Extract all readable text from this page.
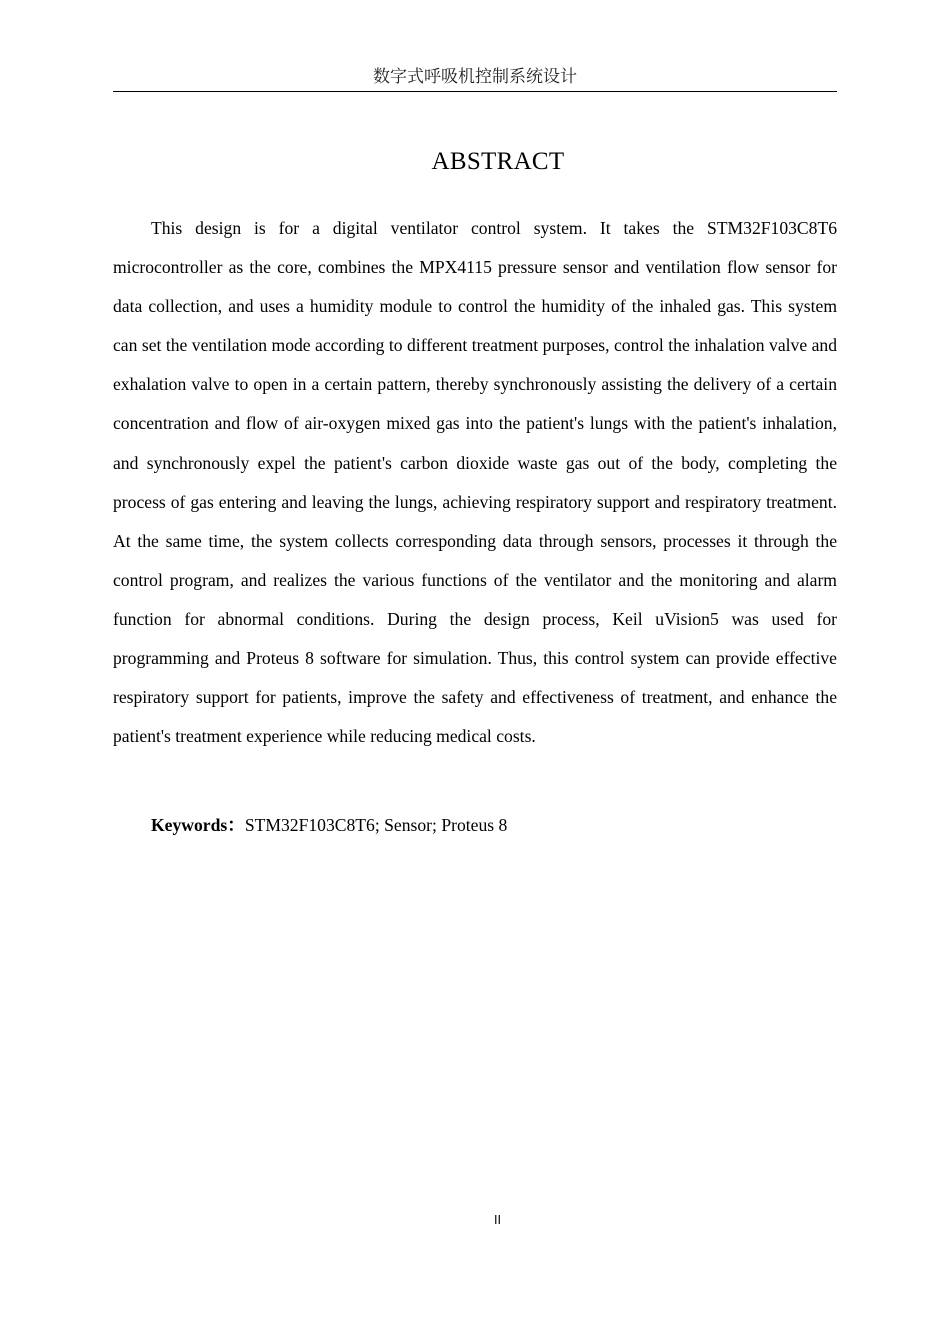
数字式呼吸机控制系统设计
ABSTRACT

This design is for a digital ventilator control system. It takes the STM32F103C8T6 microcontroller as the core, combines the MPX4115 pressure sensor and ventilation flow sensor for data collection, and uses a humidity module to control the humidity of the inhaled gas. This system can set the ventilation mode according to different treatment purposes, control the inhalation valve and exhalation valve to open in a certain pattern, thereby synchronously assisting the delivery of a certain concentration and flow of air-oxygen mixed gas into the patient's lungs with the patient's inhalation, and synchronously expel the patient's carbon dioxide waste gas out of the body, completing the process of gas entering and leaving the lungs, achieving respiratory support and respiratory treatment. At the same time, the system collects corresponding data through sensors, processes it through the control program, and realizes the various functions of the ventilator and the monitoring and alarm function for abnormal conditions. During the design process, Keil uVision5 was used for programming and Proteus 8 software for simulation. Thus, this control system can provide effective respiratory support for patients, improve the safety and effectiveness of treatment, and enhance the patient's treatment experience while reducing medical costs.

Keywords：STM32F103C8T6; Sensor; Proteus 8

II
